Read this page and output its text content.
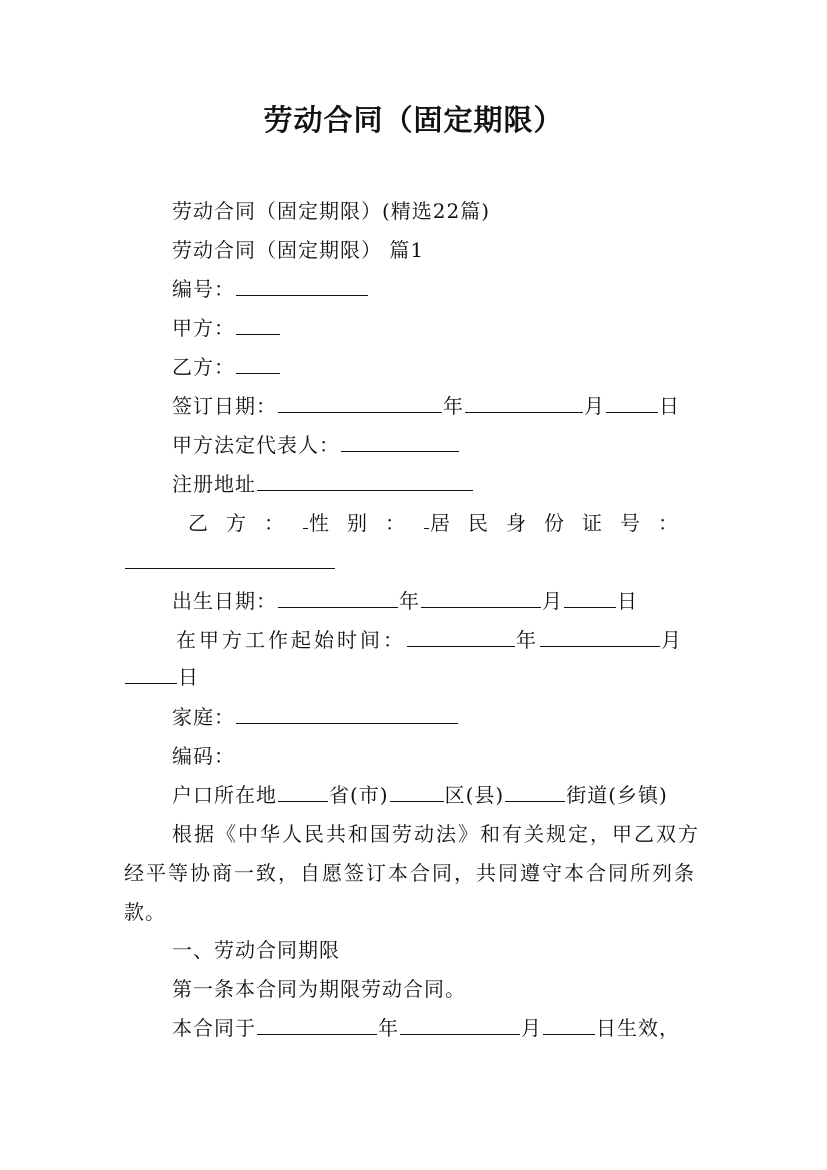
劳动合同（固定期限）
劳动合同（固定期限）(精选22篇)
劳动合同（固定期限） 篇1
编号：
甲方：
乙方：
签订日期：	年	月	日
甲方法定代表人：
注册地址
乙方： 性别： 居民身份证号：
出生日期：	年	月	日
在甲方工作起始时间：	年	月
日
家庭：
编码：
户口所在地	省(市)	区(县)	街道(乡镇)
根据《中华人民共和国劳动法》和有关规定，甲乙双方
经平等协商一致，自愿签订本合同，共同遵守本合同所列条
款。
一、劳动合同期限
第一条本合同为期限劳动合同。
本合同于	年	月	日生效，
